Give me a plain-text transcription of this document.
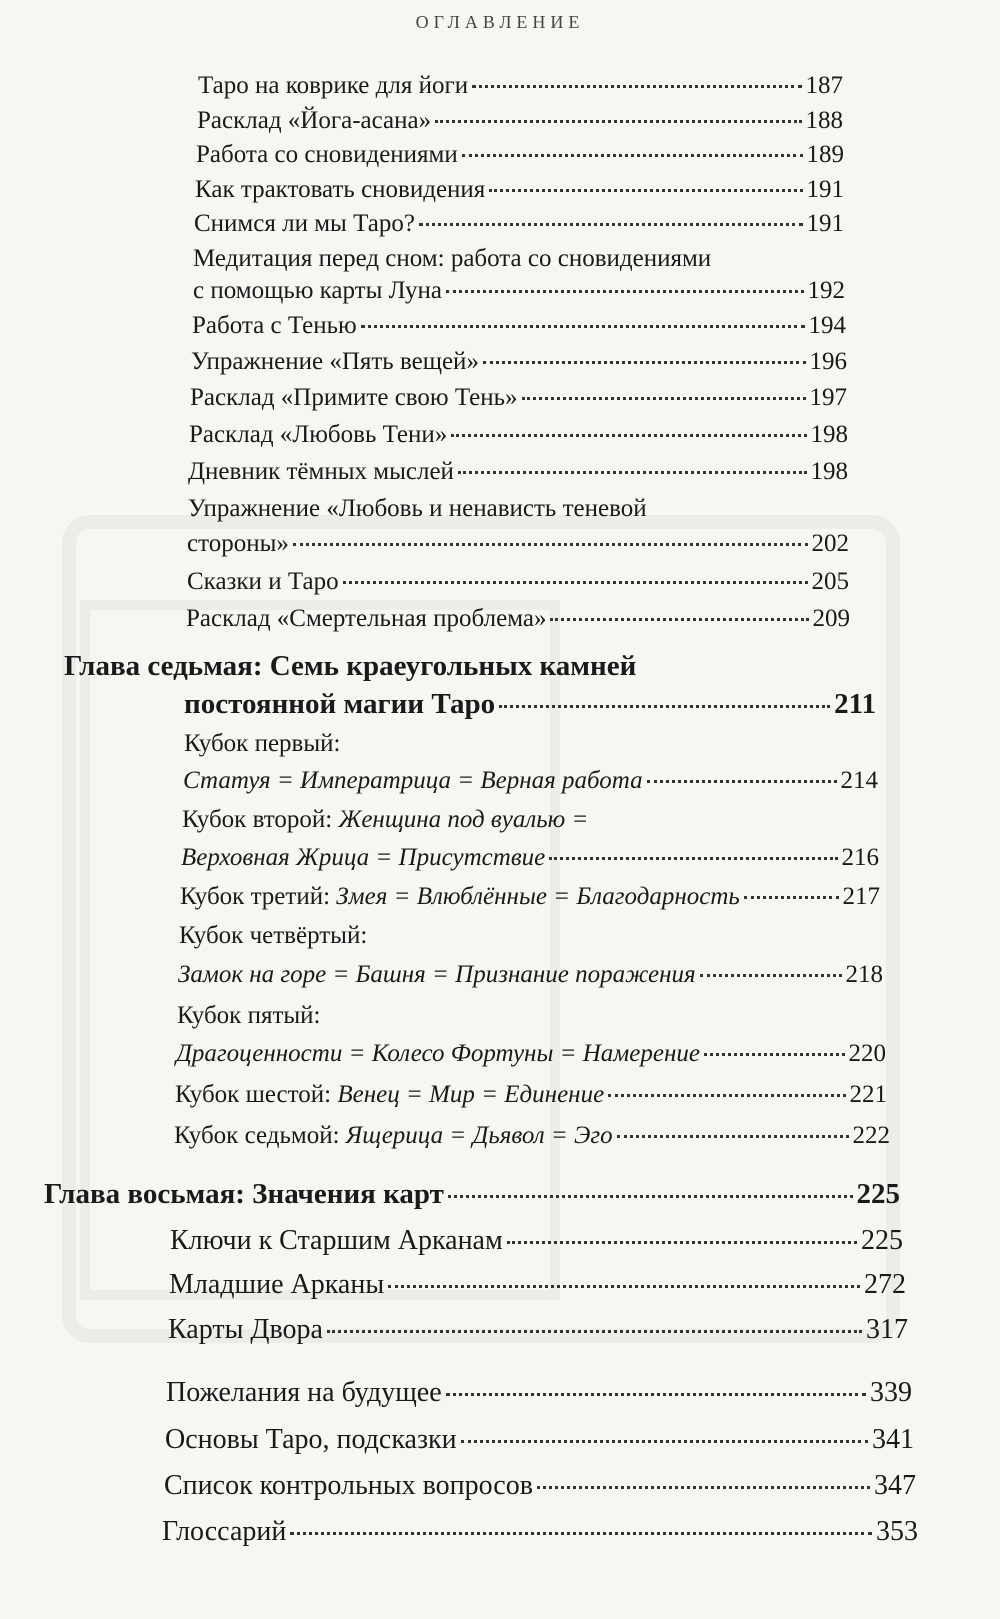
ОГЛАВЛЕНИЕ
Таро на коврике для йоги	187
Расклад «Йога-асана»	188
Работа со сновидениями	189
Как трактовать сновидения	191
Снимся ли мы Таро?	191
Медитация перед сном: работа со сновидениями
с помощью карты Луна	192
Работа с Тенью	194
Упражнение «Пять вещей»	196
Расклад «Примите свою Тень»	197
Расклад «Любовь Тени»	198
Дневник тёмных мыслей	198
Упражнение «Любовь и ненависть теневой
стороны»	202
Сказки и Таро	205
Расклад «Смертельная проблема»	209
Глава седьмая: Семь краеугольных камней
постоянной магии Таро	211
Кубок первый:
Статуя = Императрица = Верная работа	214
Кубок второй: Женщина под вуалью =
Верховная Жрица = Присутствие	216
Кубок третий: Змея = Влюблённые = Благодарность	217
Кубок четвёртый:
Замок на горе = Башня = Признание поражения	218
Кубок пятый:
Драгоценности = Колесо Фортуны = Намерение	220
Кубок шестой: Венец = Мир = Единение	221
Кубок седьмой: Ящерица = Дьявол = Эго	222
Глава восьмая: Значения карт	225
Ключи к Старшим Арканам	225
Младшие Арканы	272
Карты Двора	317
Пожелания на будущее	339
Основы Таро, подсказки	341
Список контрольных вопросов	347
Глоссарий	353
